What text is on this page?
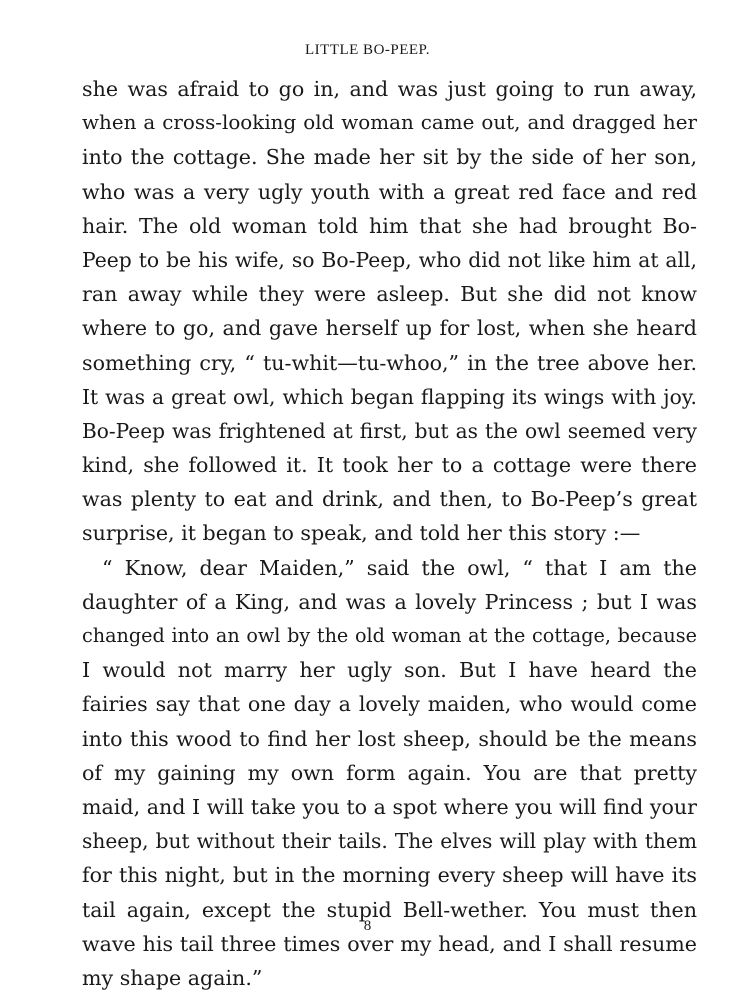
LITTLE BO-PEEP.
she was afraid to go in, and was just going to run away,
when a cross-looking old woman came out, and dragged her
into the cottage. She made her sit by the side of her son,
who was a very ugly youth with a great red face and red
hair. The old woman told him that she had brought Bo-
Peep to be his wife, so Bo-Peep, who did not like him at all,
ran away while they were asleep. But she did not know
where to go, and gave herself up for lost, when she heard
something cry, “ tu-whit—tu-whoo,” in the tree above her.
It was a great owl, which began flapping its wings with joy.
Bo-Peep was frightened at first, but as the owl seemed very
kind, she followed it. It took her to a cottage were there
was plenty to eat and drink, and then, to Bo-Peep’s great
surprise, it began to speak, and told her this story :—
“ Know, dear Maiden,” said the owl, “ that I am the
daughter of a King, and was a lovely Princess ; but I was
changed into an owl by the old woman at the cottage, because
I would not marry her ugly son. But I have heard the
fairies say that one day a lovely maiden, who would come
into this wood to find her lost sheep, should be the means
of my gaining my own form again. You are that pretty
maid, and I will take you to a spot where you will find your
sheep, but without their tails. The elves will play with them
for this night, but in the morning every sheep will have its
tail again, except the stupid Bell-wether. You must then
wave his tail three times over my head, and I shall resume
my shape again.”
8
